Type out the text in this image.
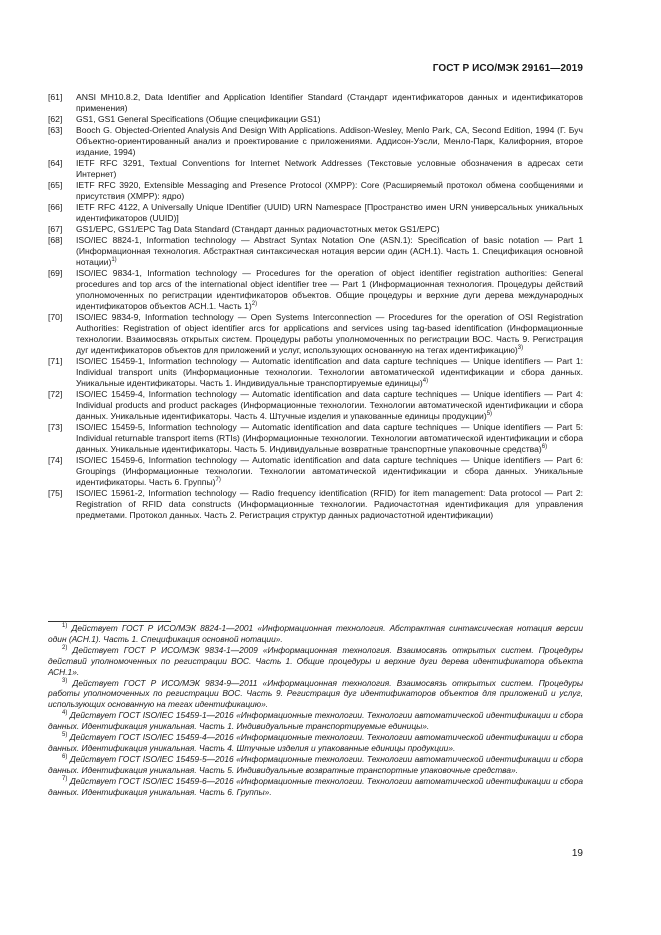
ГОСТ Р ИСО/МЭК 29161—2019
[61]	ANSI MH10.8.2, Data Identifier and Application Identifier Standard (Стандарт идентификаторов данных и идентификаторов применения)
[62]	GS1, GS1 General Specifications (Общие спецификации GS1)
[63]	Booch G. Objected-Oriented Analysis And Design With Applications. Addison-Wesley, Menlo Park, CA, Second Edition, 1994 (Г. Буч Объектно-ориентированный анализ и проектирование с приложениями. Аддисон-Уэсли, Менло-Парк, Калифорния, второе издание, 1994)
[64]	IETF RFC 3291, Textual Conventions for Internet Network Addresses (Текстовые условные обозначения в адресах сети Интернет)
[65]	IETF RFC 3920, Extensible Messaging and Presence Protocol (XMPP): Core (Расширяемый протокол обмена сообщениями и присутствия (XMPP): ядро)
[66]	IETF RFC 4122, A Universally Unique IDentifier (UUID) URN Namespace [Пространство имен URN универсальных уникальных идентификаторов (UUID)]
[67]	GS1/EPC, GS1/EPC Tag Data Standard (Стандарт данных радиочастотных меток GS1/EPC)
[68]	ISO/IEC 8824-1, Information technology — Abstract Syntax Notation One (ASN.1): Specification of basic notation — Part 1 (Информационная технология. Абстрактная синтаксическая нотация версии один (АСН.1). Часть 1. Спецификация основной нотации)$^{1)}$
[69]	ISO/IEC 9834-1, Information technology — Procedures for the operation of object identifier registration authorities: General procedures and top arcs of the international object identifier tree — Part 1 (Информационная технология. Процедуры действий уполномоченных по регистрации идентификаторов объектов. Общие процедуры и верхние дуги дерева международных идентификаторов объектов АСН.1. Часть 1)$^{2)}$
[70]	ISO/IEC 9834-9, Information technology — Open Systems Interconnection — Procedures for the operation of OSI Registration Authorities: Registration of object identifier arcs for applications and services using tag-based identification (Информационные технологии. Взаимосвязь открытых систем. Процедуры работы уполномоченных по регистрации ВОС. Часть 9. Регистрация дуг идентификаторов объектов для приложений и услуг, использующих основанную на тегах идентификацию)$^{3)}$
[71]	ISO/IEC 15459-1, Information technology — Automatic identification and data capture techniques — Unique identifiers — Part 1: Individual transport units (Информационные технологии. Технологии автоматической идентификации и сбора данных. Уникальные идентификаторы. Часть 1. Индивидуальные транспортируемые единицы)$^{4)}$
[72]	ISO/IEC 15459-4, Information technology — Automatic identification and data capture techniques — Unique identifiers — Part 4: Individual products and product packages (Информационные технологии. Технологии автоматической идентификации и сбора данных. Уникальные идентификаторы. Часть 4. Штучные изделия и упакованные единицы продукции)$^{5)}$
[73]	ISO/IEC 15459-5, Information technology — Automatic identification and data capture techniques — Unique identifiers — Part 5: Individual returnable transport items (RTIs) (Информационные технологии. Технологии автоматической идентификации и сбора данных. Уникальные идентификаторы. Часть 5. Индивидуальные возвратные транспортные упаковочные средства)$^{6)}$
[74]	ISO/IEC 15459-6, Information technology — Automatic identification and data capture techniques — Unique identifiers — Part 6: Groupings (Информационные технологии. Технологии автоматической идентификации и сбора данных. Уникальные идентификаторы. Часть 6. Группы)$^{7)}$
[75]	ISO/IEC 15961-2, Information technology — Radio frequency identification (RFID) for item management: Data protocol — Part 2: Registration of RFID data constructs (Информационные технологии. Радиочастотная идентификация для управления предметами. Протокол данных. Часть 2. Регистрация структур данных радиочастотной идентификации)

$^{1)}$ Действует ГОСТ Р ИСО/МЭК 8824-1—2001 «Информационная технология. Абстрактная синтаксическая нотация версии один (АСН.1). Часть 1. Спецификация основной нотации».

$^{2)}$ Действует ГОСТ Р ИСО/МЭК 9834-1—2009 «Информационная технология. Взаимосвязь открытых систем. Процедуры действий уполномоченных по регистрации ВОС. Часть 1. Общие процедуры и верхние дуги дерева идентификатора объекта АСН.1».

$^{3)}$ Действует ГОСТ Р ИСО/МЭК 9834-9—2011 «Информационная технология. Взаимосвязь открытых систем. Процедуры работы уполномоченных по регистрации ВОС. Часть 9. Регистрация дуг идентификаторов объектов для приложений и услуг, использующих основанную на тегах идентификацию».

$^{4)}$ Действует ГОСТ ISO/IEC 15459-1—2016 «Информационные технологии. Технологии автоматической идентификации и сбора данных. Идентификация уникальная. Часть 1. Индивидуальные транспортируемые единицы».

$^{5)}$ Действует ГОСТ ISO/IEC 15459-4—2016 «Информационные технологии. Технологии автоматической идентификации и сбора данных. Идентификация уникальная. Часть 4. Штучные изделия и упакованные единицы продукции».

$^{6)}$ Действует ГОСТ ISO/IEC 15459-5—2016 «Информационные технологии. Технологии автоматической идентификации и сбора данных. Идентификация уникальная. Часть 5. Индивидуальные возвратные транспортные упаковочные средства».

$^{7)}$ Действует ГОСТ ISO/IEC 15459-6—2016 «Информационные технологии. Технологии автоматической идентификации и сбора данных. Идентификация уникальная. Часть 6. Группы».

19
